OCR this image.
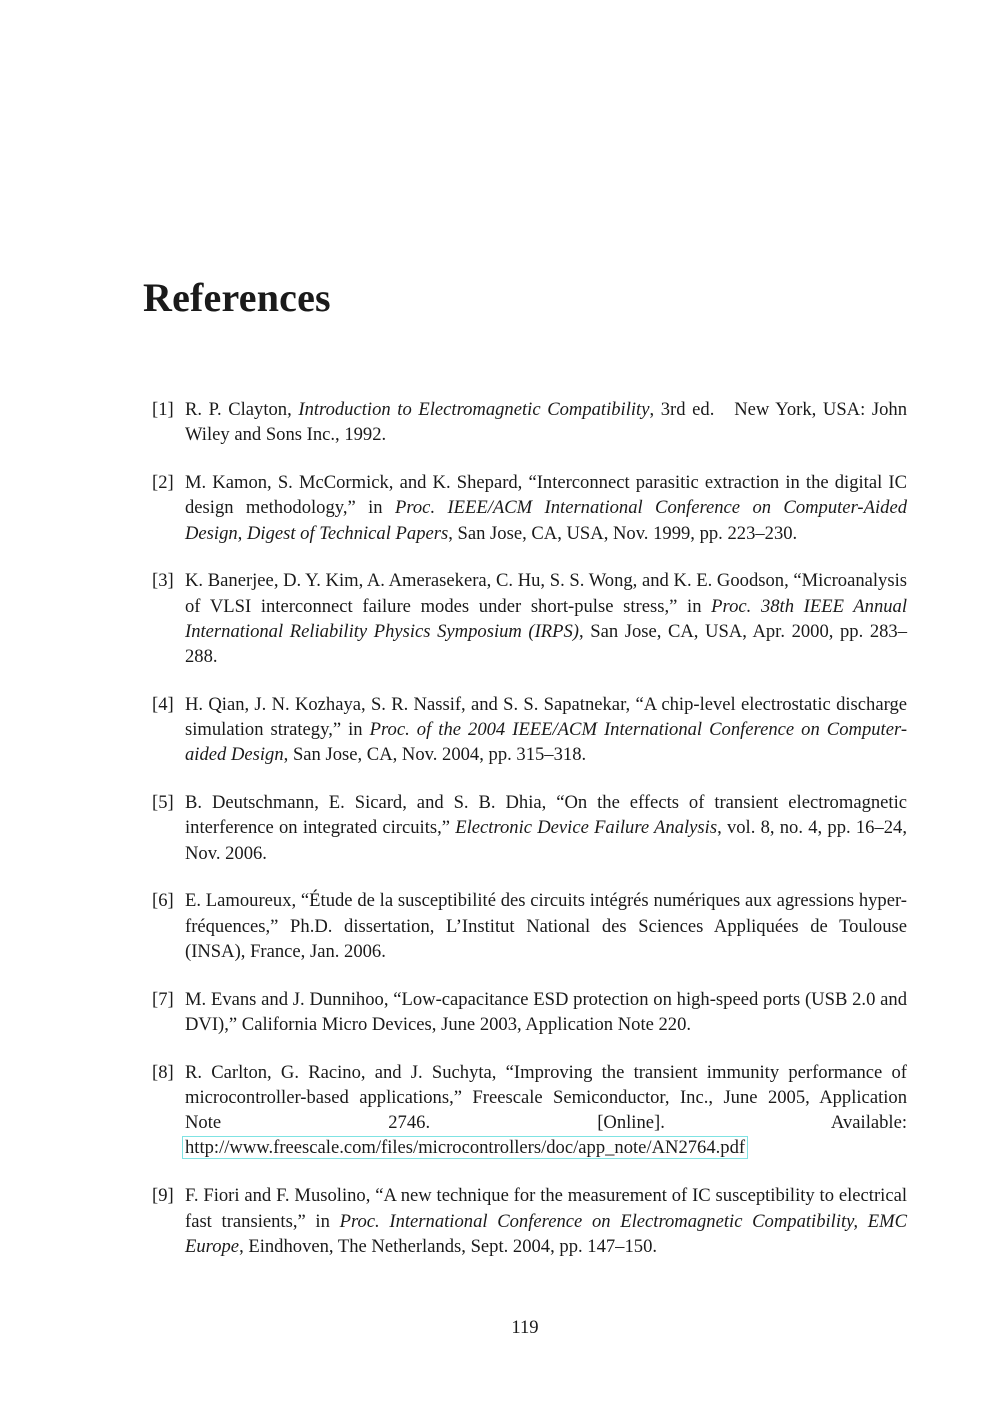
References
[1] R. P. Clayton, Introduction to Electromagnetic Compatibility, 3rd ed.   New York, USA: John Wiley and Sons Inc., 1992.
[2] M. Kamon, S. McCormick, and K. Shepard, “Interconnect parasitic extraction in the digital IC design methodology,” in Proc. IEEE/ACM International Conference on Computer-Aided Design, Digest of Technical Papers, San Jose, CA, USA, Nov. 1999, pp. 223–230.
[3] K. Banerjee, D. Y. Kim, A. Amerasekera, C. Hu, S. S. Wong, and K. E. Goodson, “Microanalysis of VLSI interconnect failure modes under short-pulse stress,” in Proc. 38th IEEE Annual International Reliability Physics Symposium (IRPS), San Jose, CA, USA, Apr. 2000, pp. 283–288.
[4] H. Qian, J. N. Kozhaya, S. R. Nassif, and S. S. Sapatnekar, “A chip-level electrostatic discharge simulation strategy,” in Proc. of the 2004 IEEE/ACM International Conference on Computer-aided Design, San Jose, CA, Nov. 2004, pp. 315–318.
[5] B. Deutschmann, E. Sicard, and S. B. Dhia, “On the effects of transient electromagnetic interference on integrated circuits,” Electronic Device Failure Analysis, vol. 8, no. 4, pp. 16–24, Nov. 2006.
[6] E. Lamoureux, “Étude de la susceptibilité des circuits intégrés numériques aux agressions hyper-fréquences,” Ph.D. dissertation, L’Institut National des Sciences Appliquées de Toulouse (INSA), France, Jan. 2006.
[7] M. Evans and J. Dunnihoo, “Low-capacitance ESD protection on high-speed ports (USB 2.0 and DVI),” California Micro Devices, June 2003, Application Note 220.
[8] R. Carlton, G. Racino, and J. Suchyta, “Improving the transient immunity performance of microcontroller-based applications,” Freescale Semiconductor, Inc., June 2005, Application Note 2746. [Online]. Available: http://www.freescale.com/files/microcontrollers/doc/app_note/AN2764.pdf
[9] F. Fiori and F. Musolino, “A new technique for the measurement of IC susceptibility to electrical fast transients,” in Proc. International Conference on Electromagnetic Compatibility, EMC Europe, Eindhoven, The Netherlands, Sept. 2004, pp. 147–150.
119
